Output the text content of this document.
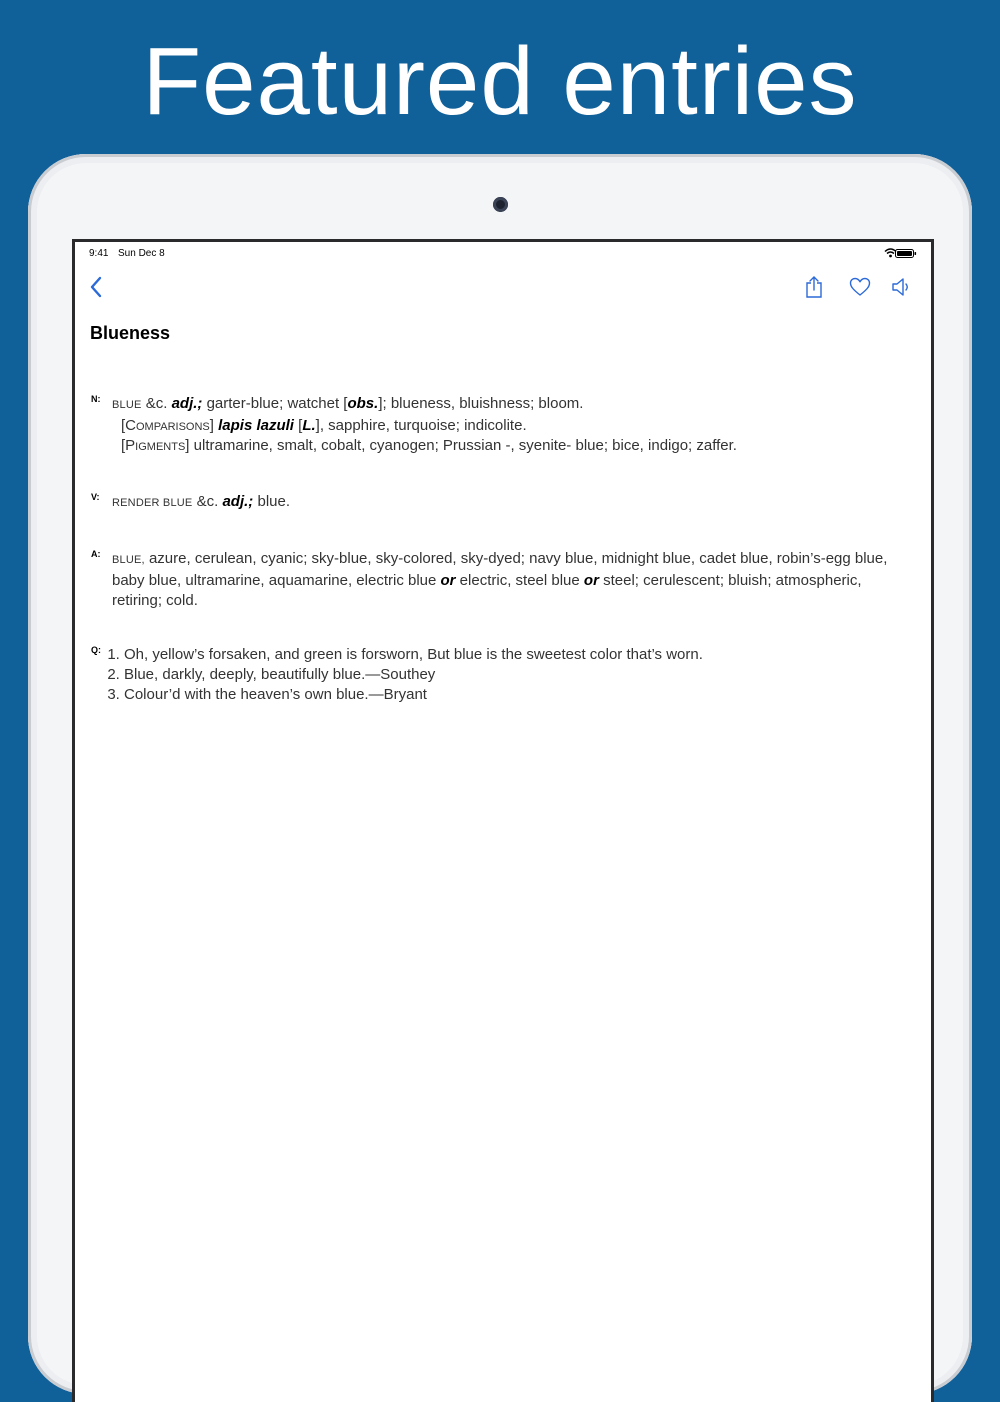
Featured entries
9:41 Sun Dec 8
Blueness
N: BLUE &c. adj.; garter-blue; watchet [obs.]; blueness, bluishness; bloom.
[Comparisons] lapis lazuli [L.], sapphire, turquoise; indicolite.
[Pigments] ultramarine, smalt, cobalt, cyanogen; Prussian -, syenite- blue; bice, indigo; zaffer.
V: RENDER BLUE &c. adj.; blue.
A: BLUE, azure, cerulean, cyanic; sky-blue, sky-colored, sky-dyed; navy blue, midnight blue, cadet blue, robin’s-egg blue, baby blue, ultramarine, aquamarine, electric blue or electric, steel blue or steel; cerulescent; bluish; atmospheric, retiring; cold.
Q:
1. Oh, yellow’s forsaken, and green is forsworn, But blue is the sweetest color that’s worn.
2. Blue, darkly, deeply, beautifully blue.—Southey
3. Colour’d with the heaven’s own blue.—Bryant
